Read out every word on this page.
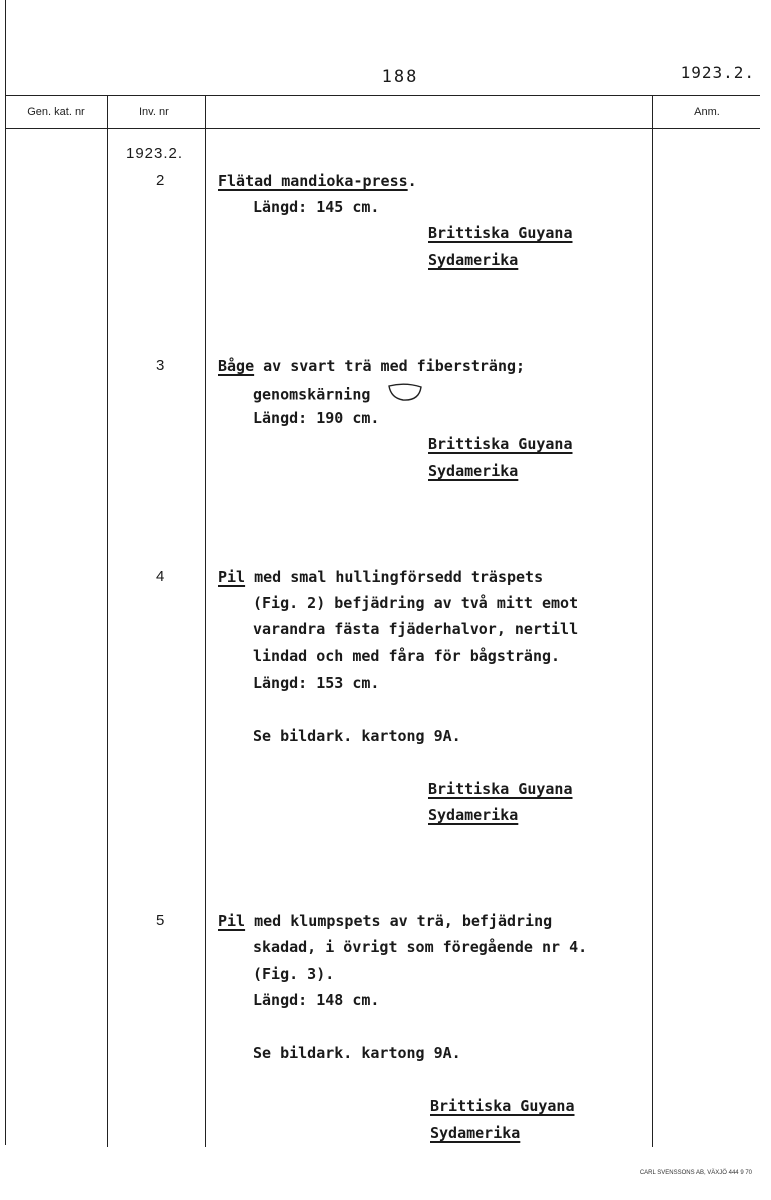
188	1923.2.
Gen. kat. nr	Inv. nr	Anm.
1923.2.
2	Flätad mandioka-press.
Längd: 145 cm.
Brittiska Guyana
Sydamerika
3	Båge av svart trä med fibersträng;
genomskärning
Längd: 190 cm.
Brittiska Guyana
Sydamerika
4	Pil med smal hullingförsedd träspets
(Fig. 2) befjädring av två mitt emot
varandra fästa fjäderhalvor, nertill
lindad och med fåra för bågsträng.
Längd: 153 cm.
Se bildark. kartong 9A.
Brittiska Guyana
Sydamerika
5	Pil med klumpspets av trä, befjädring
skadad, i övrigt som föregående nr 4.
(Fig. 3).
Längd: 148 cm.
Se bildark. kartong 9A.
Brittiska Guyana
Sydamerika
CARL SVENSSONS AB, VÄXJÖ 444 9 70
